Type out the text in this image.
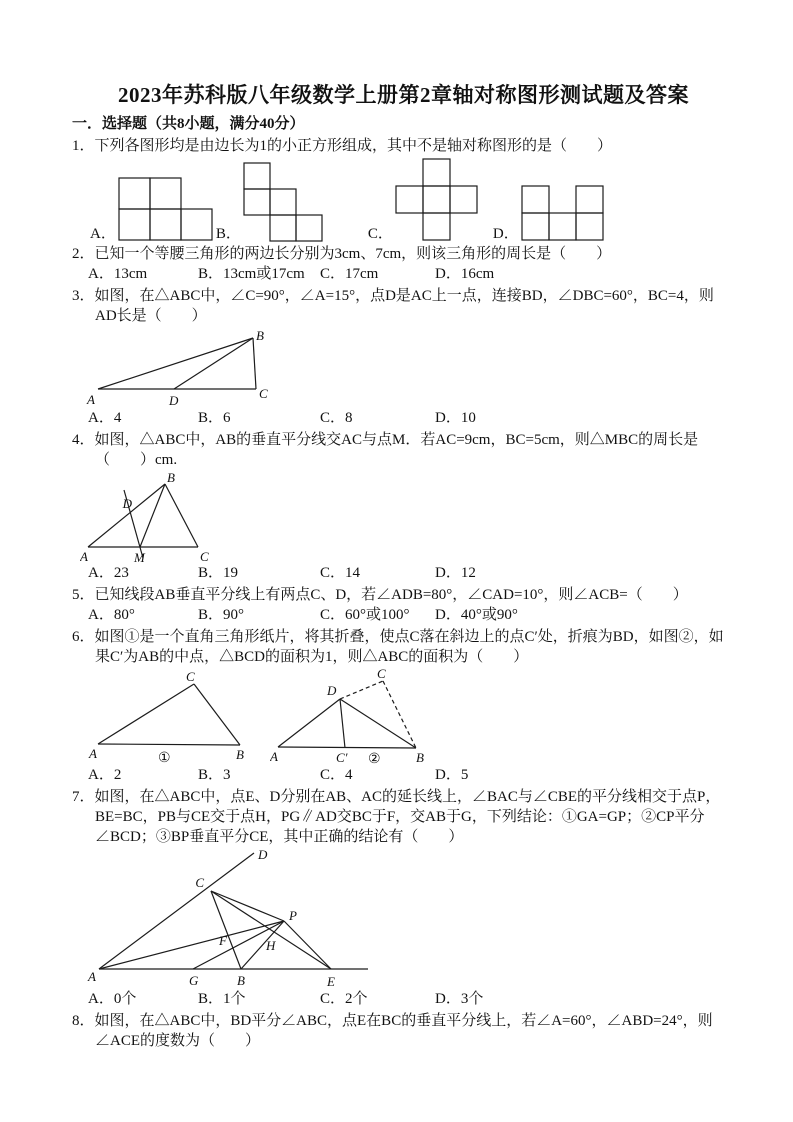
2023年苏科版八年级数学上册第2章轴对称图形测试题及答案

一．选择题（共8小题，满分40分）

1．下列各图形均是由边长为1的小正方形组成，其中不是轴对称图形的是（　　）

A．	B．	C．	D．

2．已知一个等腰三角形的两边长分别为3cm、7cm，则该三角形的周长是（　　）

A．13cm	B．13cm或17cm	C．17cm	D．16cm

3．如图，在△ABC中，∠C=90°，∠A=15°，点D是AC上一点，连接BD，∠DBC=60°，BC=4，则AD长是（　　）

B
A	D	C
A．4	B．6	C．8	D．10

4．如图，△ABC中，AB的垂直平分线交AC与点M．若AC=9cm，BC=5cm，则△MBC的周长是（　　）cm.

B
D
A	M	C
A．23	B．19	C．14	D．12

5．已知线段AB垂直平分线上有两点C、D，若∠ADB=80°，∠CAD=10°，则∠ACB=（　　）

A．80°	B．90°	C．60°或100°	D．40°或90°

6．如图①是一个直角三角形纸片，将其折叠，使点C落在斜边上的点C′处，折痕为BD，如图②，如果C′为AB的中点，△BCD的面积为1，则△ABC的面积为（　　）

C
A	B
①
C
D
A	C′	B
②
A．2	B．3	C．4	D．5

7．如图，在△ABC中，点E、D分别在AB、AC的延长线上，∠BAC与∠CBE的平分线相交于点P，BE=BC，PB与CE交于点H，PG∥AD交BC于F，交AB于G，下列结论：①GA=GP；②CP平分∠BCD；③BP垂直平分CE，其中正确的结论有（　　）

D
C
P
F	H
A	G	B	E
A．0个	B．1个	C．2个	D．3个

8．如图，在△ABC中，BD平分∠ABC，点E在BC的垂直平分线上，若∠A=60°，∠ABD=24°，则∠ACE的度数为（　　）
